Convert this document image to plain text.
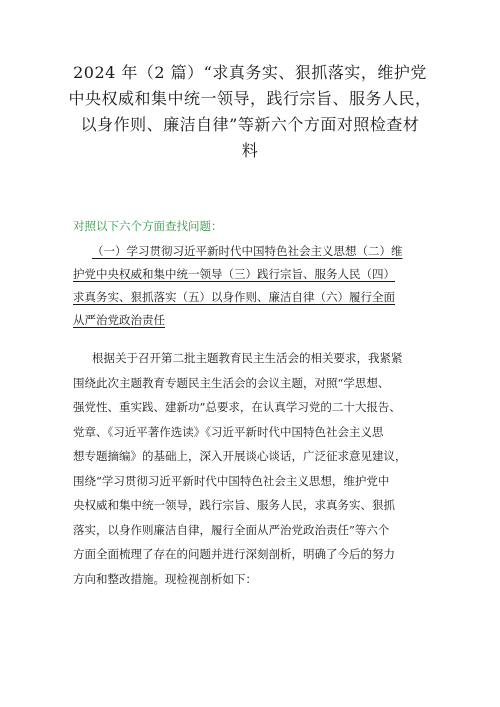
2024 年（2 篇）“求真务实、狠抓落实，维护党
中央权威和集中统一领导，践行宗旨、服务人民，
以身作则、廉洁自律”等新六个方面对照检查材
料
对照以下六个方面查找问题：
（一）学习贯彻习近平新时代中国特色社会主义思想（二）维
护党中央权威和集中统一领导（三）践行宗旨、服务人民（四）
求真务实、狠抓落实（五）以身作则、廉洁自律（六）履行全面
从严治党政治责任
根据关于召开第二批主题教育民主生活会的相关要求，我紧紧
围绕此次主题教育专题民主生活会的会议主题，对照“学思想、
强党性、重实践、建新功”总要求，在认真学习党的二十大报告、
党章、《习近平著作选读》《习近平新时代中国特色社会主义思
想专题摘编》的基础上，深入开展谈心谈话，广泛征求意见建议，
围绕“学习贯彻习近平新时代中国特色社会主义思想，维护党中
央权威和集中统一领导，践行宗旨、服务人民，求真务实、狠抓
落实，以身作则廉洁自律，履行全面从严治党政治责任”等六个
方面全面梳理了存在的问题并进行深刻剖析，明确了今后的努力
方向和整改措施。现检视剖析如下：
